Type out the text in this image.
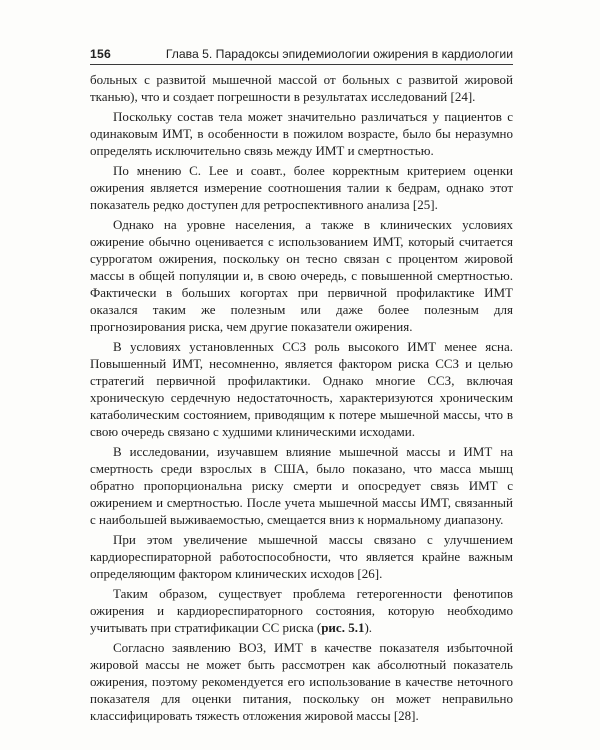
156	Глава 5. Парадоксы эпидемиологии ожирения в кардиологии

больных с развитой мышечной массой от больных с развитой жировой тканью), что и создает погрешности в результатах исследований [24].

Поскольку состав тела может значительно различаться у пациентов с одинаковым ИМТ, в особенности в пожилом возрасте, было бы неразумно определять исключительно связь между ИМТ и смертностью.

По мнению C. Lee и соавт., более корректным критерием оценки ожирения является измерение соотношения талии к бедрам, однако этот показатель редко доступен для ретроспективного анализа [25].

Однако на уровне населения, а также в клинических условиях ожирение обычно оценивается с использованием ИМТ, который считается суррогатом ожирения, поскольку он тесно связан с процентом жировой массы в общей популяции и, в свою очередь, с повышенной смертностью. Фактически в больших когортах при первичной профилактике ИМТ оказался таким же полезным или даже более полезным для прогнозирования риска, чем другие показатели ожирения.

В условиях установленных ССЗ роль высокого ИМТ менее ясна. Повышенный ИМТ, несомненно, является фактором риска ССЗ и целью стратегий первичной профилактики. Однако многие ССЗ, включая хроническую сердечную недостаточность, характеризуются хроническим катаболическим состоянием, приводящим к потере мышечной массы, что в свою очередь связано с худшими клиническими исходами.

В исследовании, изучавшем влияние мышечной массы и ИМТ на смертность среди взрослых в США, было показано, что масса мышц обратно пропорциональна риску смерти и опосредует связь ИМТ с ожирением и смертностью. После учета мышечной массы ИМТ, связанный с наибольшей выживаемостью, смещается вниз к нормальному диапазону.

При этом увеличение мышечной массы связано с улучшением кардиореспираторной работоспособности, что является крайне важным определяющим фактором клинических исходов [26].

Таким образом, существует проблема гетерогенности фенотипов ожирения и кардиореспираторного состояния, которую необходимо учитывать при стратификации СС риска (рис. 5.1).

Согласно заявлению ВОЗ, ИМТ в качестве показателя избыточной жировой массы не может быть рассмотрен как абсолютный показатель ожирения, поэтому рекомендуется его использование в качестве неточного показателя для оценки питания, поскольку он может неправильно классифицировать тяжесть отложения жировой массы [28].
